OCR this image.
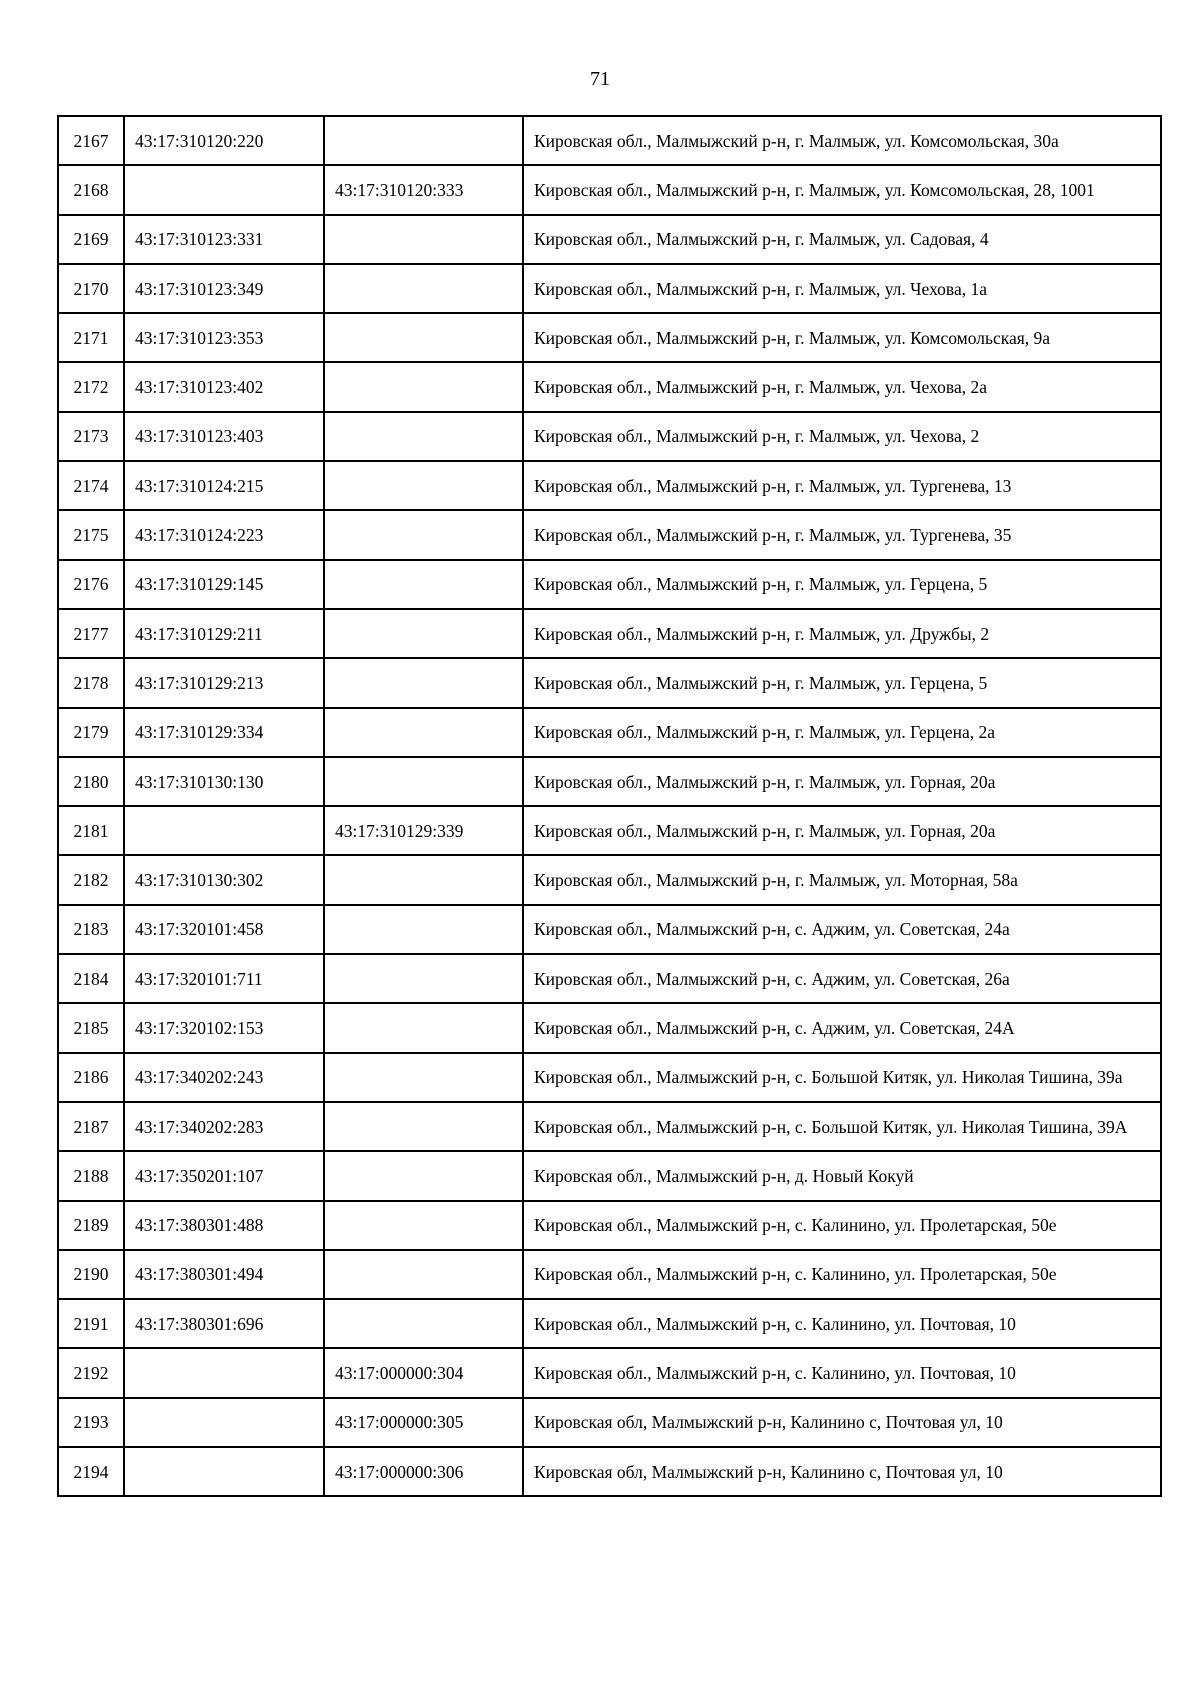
71
2167	43:17:310120:220		Кировская обл., Малмыжский р-н, г. Малмыж, ул. Комсомольская, 30а
2168		43:17:310120:333	Кировская обл., Малмыжский р-н, г. Малмыж, ул. Комсомольская, 28, 1001
2169	43:17:310123:331		Кировская обл., Малмыжский р-н, г. Малмыж, ул. Садовая, 4
2170	43:17:310123:349		Кировская обл., Малмыжский р-н, г. Малмыж, ул. Чехова, 1а
2171	43:17:310123:353		Кировская обл., Малмыжский р-н, г. Малмыж, ул. Комсомольская, 9а
2172	43:17:310123:402		Кировская обл., Малмыжский р-н, г. Малмыж, ул. Чехова, 2а
2173	43:17:310123:403		Кировская обл., Малмыжский р-н, г. Малмыж, ул. Чехова, 2
2174	43:17:310124:215		Кировская обл., Малмыжский р-н, г. Малмыж, ул. Тургенева, 13
2175	43:17:310124:223		Кировская обл., Малмыжский р-н, г. Малмыж, ул. Тургенева, 35
2176	43:17:310129:145		Кировская обл., Малмыжский р-н, г. Малмыж, ул. Герцена, 5
2177	43:17:310129:211		Кировская обл., Малмыжский р-н, г. Малмыж, ул. Дружбы, 2
2178	43:17:310129:213		Кировская обл., Малмыжский р-н, г. Малмыж, ул. Герцена, 5
2179	43:17:310129:334		Кировская обл., Малмыжский р-н, г. Малмыж, ул. Герцена, 2а
2180	43:17:310130:130		Кировская обл., Малмыжский р-н, г. Малмыж, ул. Горная, 20а
2181		43:17:310129:339	Кировская обл., Малмыжский р-н, г. Малмыж, ул. Горная, 20а
2182	43:17:310130:302		Кировская обл., Малмыжский р-н, г. Малмыж, ул. Моторная, 58а
2183	43:17:320101:458		Кировская обл., Малмыжский р-н, с. Аджим, ул. Советская, 24а
2184	43:17:320101:711		Кировская обл., Малмыжский р-н, с. Аджим, ул. Советская, 26а
2185	43:17:320102:153		Кировская обл., Малмыжский р-н, с. Аджим, ул. Советская, 24А
2186	43:17:340202:243		Кировская обл., Малмыжский р-н, с. Большой Китяк, ул. Николая Тишина, 39а
2187	43:17:340202:283		Кировская обл., Малмыжский р-н, с. Большой Китяк, ул. Николая Тишина, 39А
2188	43:17:350201:107		Кировская обл., Малмыжский р-н, д. Новый Кокуй
2189	43:17:380301:488		Кировская обл., Малмыжский р-н, с. Калинино, ул. Пролетарская, 50е
2190	43:17:380301:494		Кировская обл., Малмыжский р-н, с. Калинино, ул. Пролетарская, 50е
2191	43:17:380301:696		Кировская обл., Малмыжский р-н, с. Калинино, ул. Почтовая, 10
2192		43:17:000000:304	Кировская обл., Малмыжский р-н, с. Калинино, ул. Почтовая, 10
2193		43:17:000000:305	Кировская обл, Малмыжский р-н, Калинино с, Почтовая ул, 10
2194		43:17:000000:306	Кировская обл, Малмыжский р-н, Калинино с, Почтовая ул, 10
